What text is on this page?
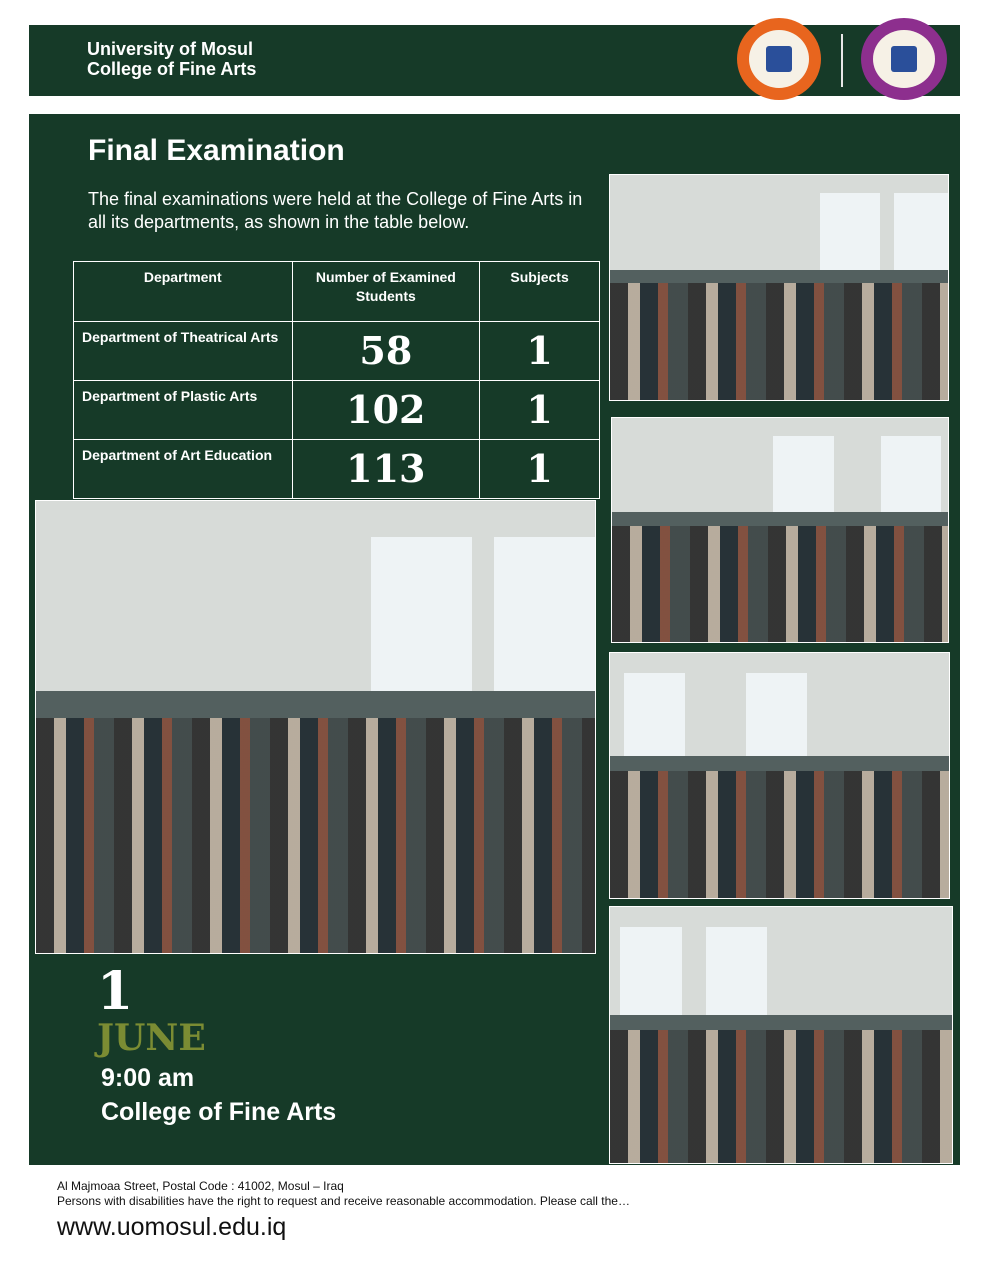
University of Mosul
College of Fine Arts
Final Examination
The final examinations were held at the College of Fine Arts in all its departments, as shown in the table below.
Department	Number of Examined Students	Subjects
Department of Theatrical Arts	58	1
Department of Plastic Arts	102	1
Department of Art Education	113	1
1
JUNE
9:00 am
College of Fine Arts
Al Majmoaa Street, Postal Code : 41002, Mosul – Iraq
Persons with disabilities have the right to request and receive reasonable accommodation. Please call the…
www.uomosul.edu.iq
